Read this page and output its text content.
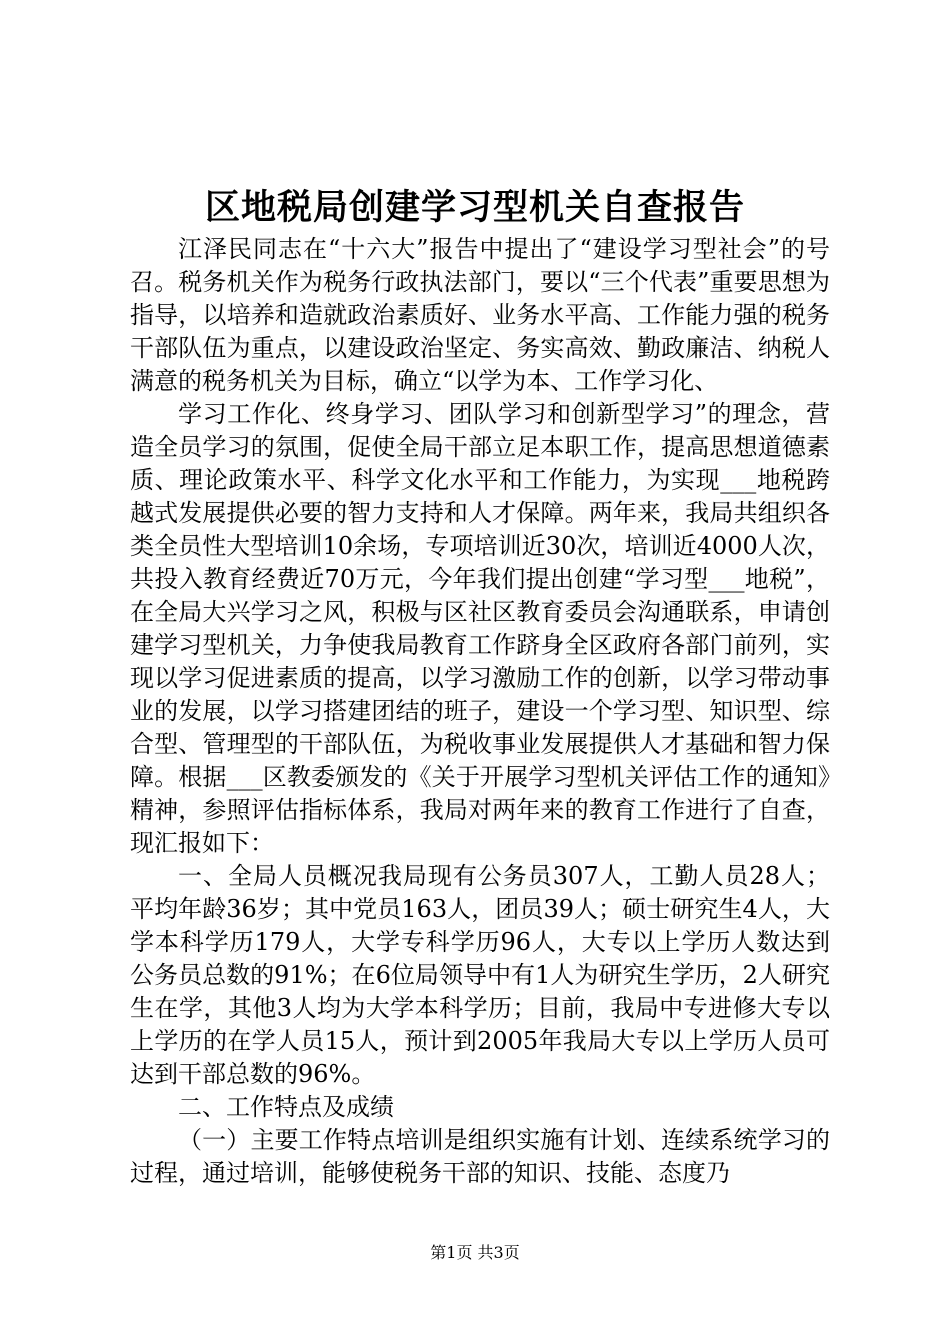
区地税局创建学习型机关自查报告

江泽民同志在“十六大”报告中提出了“建设学习型社会”的号召。税务机关作为税务行政执法部门，要以“三个代表”重要思想为指导，以培养和造就政治素质好、业务水平高、工作能力强的税务干部队伍为重点，以建设政治坚定、务实高效、勤政廉洁、纳税人满意的税务机关为目标，确立“以学为本、工作学习化、

学习工作化、终身学习、团队学习和创新型学习”的理念，营造全员学习的氛围，促使全局干部立足本职工作，提高思想道德素质、理论政策水平、科学文化水平和工作能力，为实现___地税跨越式发展提供必要的智力支持和人才保障。两年来，我局共组织各类全员性大型培训10余场，专项培训近30次，培训近4000人次，共投入教育经费近70万元，今年我们提出创建“学习型___地税”，在全局大兴学习之风，积极与区社区教育委员会沟通联系，申请创建学习型机关，力争使我局教育工作跻身全区政府各部门前列，实现以学习促进素质的提高，以学习激励工作的创新，以学习带动事业的发展，以学习搭建团结的班子，建设一个学习型、知识型、综合型、管理型的干部队伍，为税收事业发展提供人才基础和智力保障。根据___区教委颁发的《关于开展学习型机关评估工作的通知》精神，参照评估指标体系，我局对两年来的教育工作进行了自查，现汇报如下：

一、全局人员概况我局现有公务员307人，工勤人员28人；平均年龄36岁；其中党员163人，团员39人；硕士研究生4人，大学本科学历179人，大学专科学历96人，大专以上学历人数达到公务员总数的91%；在6位局领导中有1人为研究生学历，2人研究生在学，其他3人均为大学本科学历；目前，我局中专进修大专以上学历的在学人员15人，预计到2005年我局大专以上学历人员可达到干部总数的96%。

二、工作特点及成绩

（一）主要工作特点培训是组织实施有计划、连续系统学习的过程，通过培训，能够使税务干部的知识、技能、态度乃

第1页 共3页
